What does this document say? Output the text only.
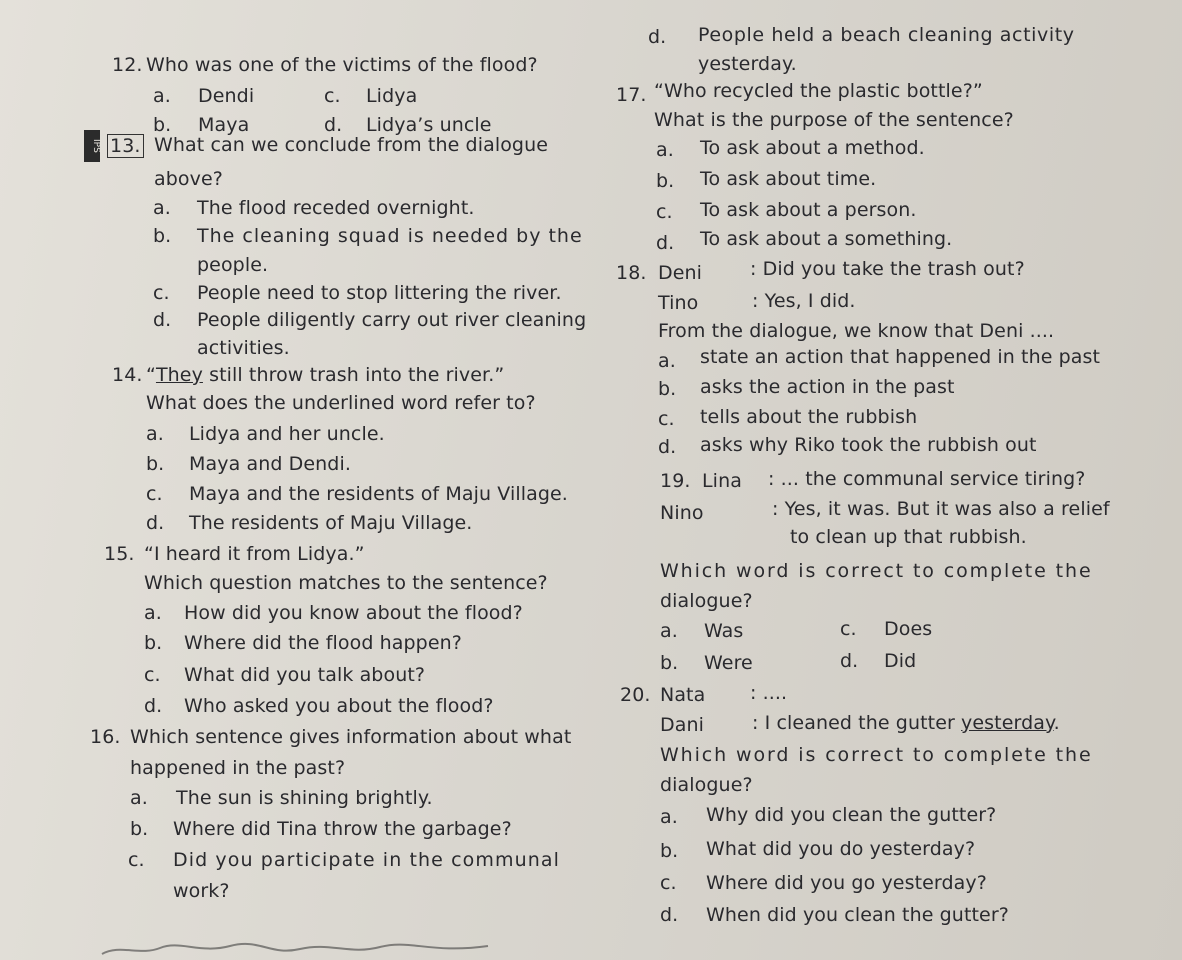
12. Who was one of the victims of the flood?
a. Dendi	c. Lidya
b. Maya	d. Lidya’s uncle
IPS 13. What can we conclude from the dialogue
above?
a. The flood receded overnight.
b. The cleaning squad is needed by the
people.
c. People need to stop littering the river.
d. People diligently carry out river cleaning
activities.
14. “They still throw trash into the river.”
What does the underlined word refer to?
a. Lidya and her uncle.
b. Maya and Dendi.
c. Maya and the residents of Maju Village.
d. The residents of Maju Village.
15. “I heard it from Lidya.”
Which question matches to the sentence?
a. How did you know about the flood?
b. Where did the flood happen?
c. What did you talk about?
d. Who asked you about the flood?
16. Which sentence gives information about what
happened in the past?
a. The sun is shining brightly.
b. Where did Tina throw the garbage?
c. Did you participate in the communal
work?
d. People held a beach cleaning activity
yesterday.
17. “Who recycled the plastic bottle?”
What is the purpose of the sentence?
a. To ask about a method.
b. To ask about time.
c. To ask about a person.
d. To ask about a something.
18. Deni	: Did you take the trash out?
Tino	: Yes, I did.
From the dialogue, we know that Deni ....
a. state an action that happened in the past
b. asks the action in the past
c. tells about the rubbish
d. asks why Riko took the rubbish out
19. Lina : ... the communal service tiring?
Nino	: Yes, it was. But it was also a relief
to clean up that rubbish.
Which word is correct to complete the
dialogue?
a. Was	c. Does
b. Were	d. Did
20. Nata : ....
Dani	: I cleaned the gutter yesterday.
Which word is correct to complete the
dialogue?
a. Why did you clean the gutter?
b. What did you do yesterday?
c. Where did you go yesterday?
d. When did you clean the gutter?
